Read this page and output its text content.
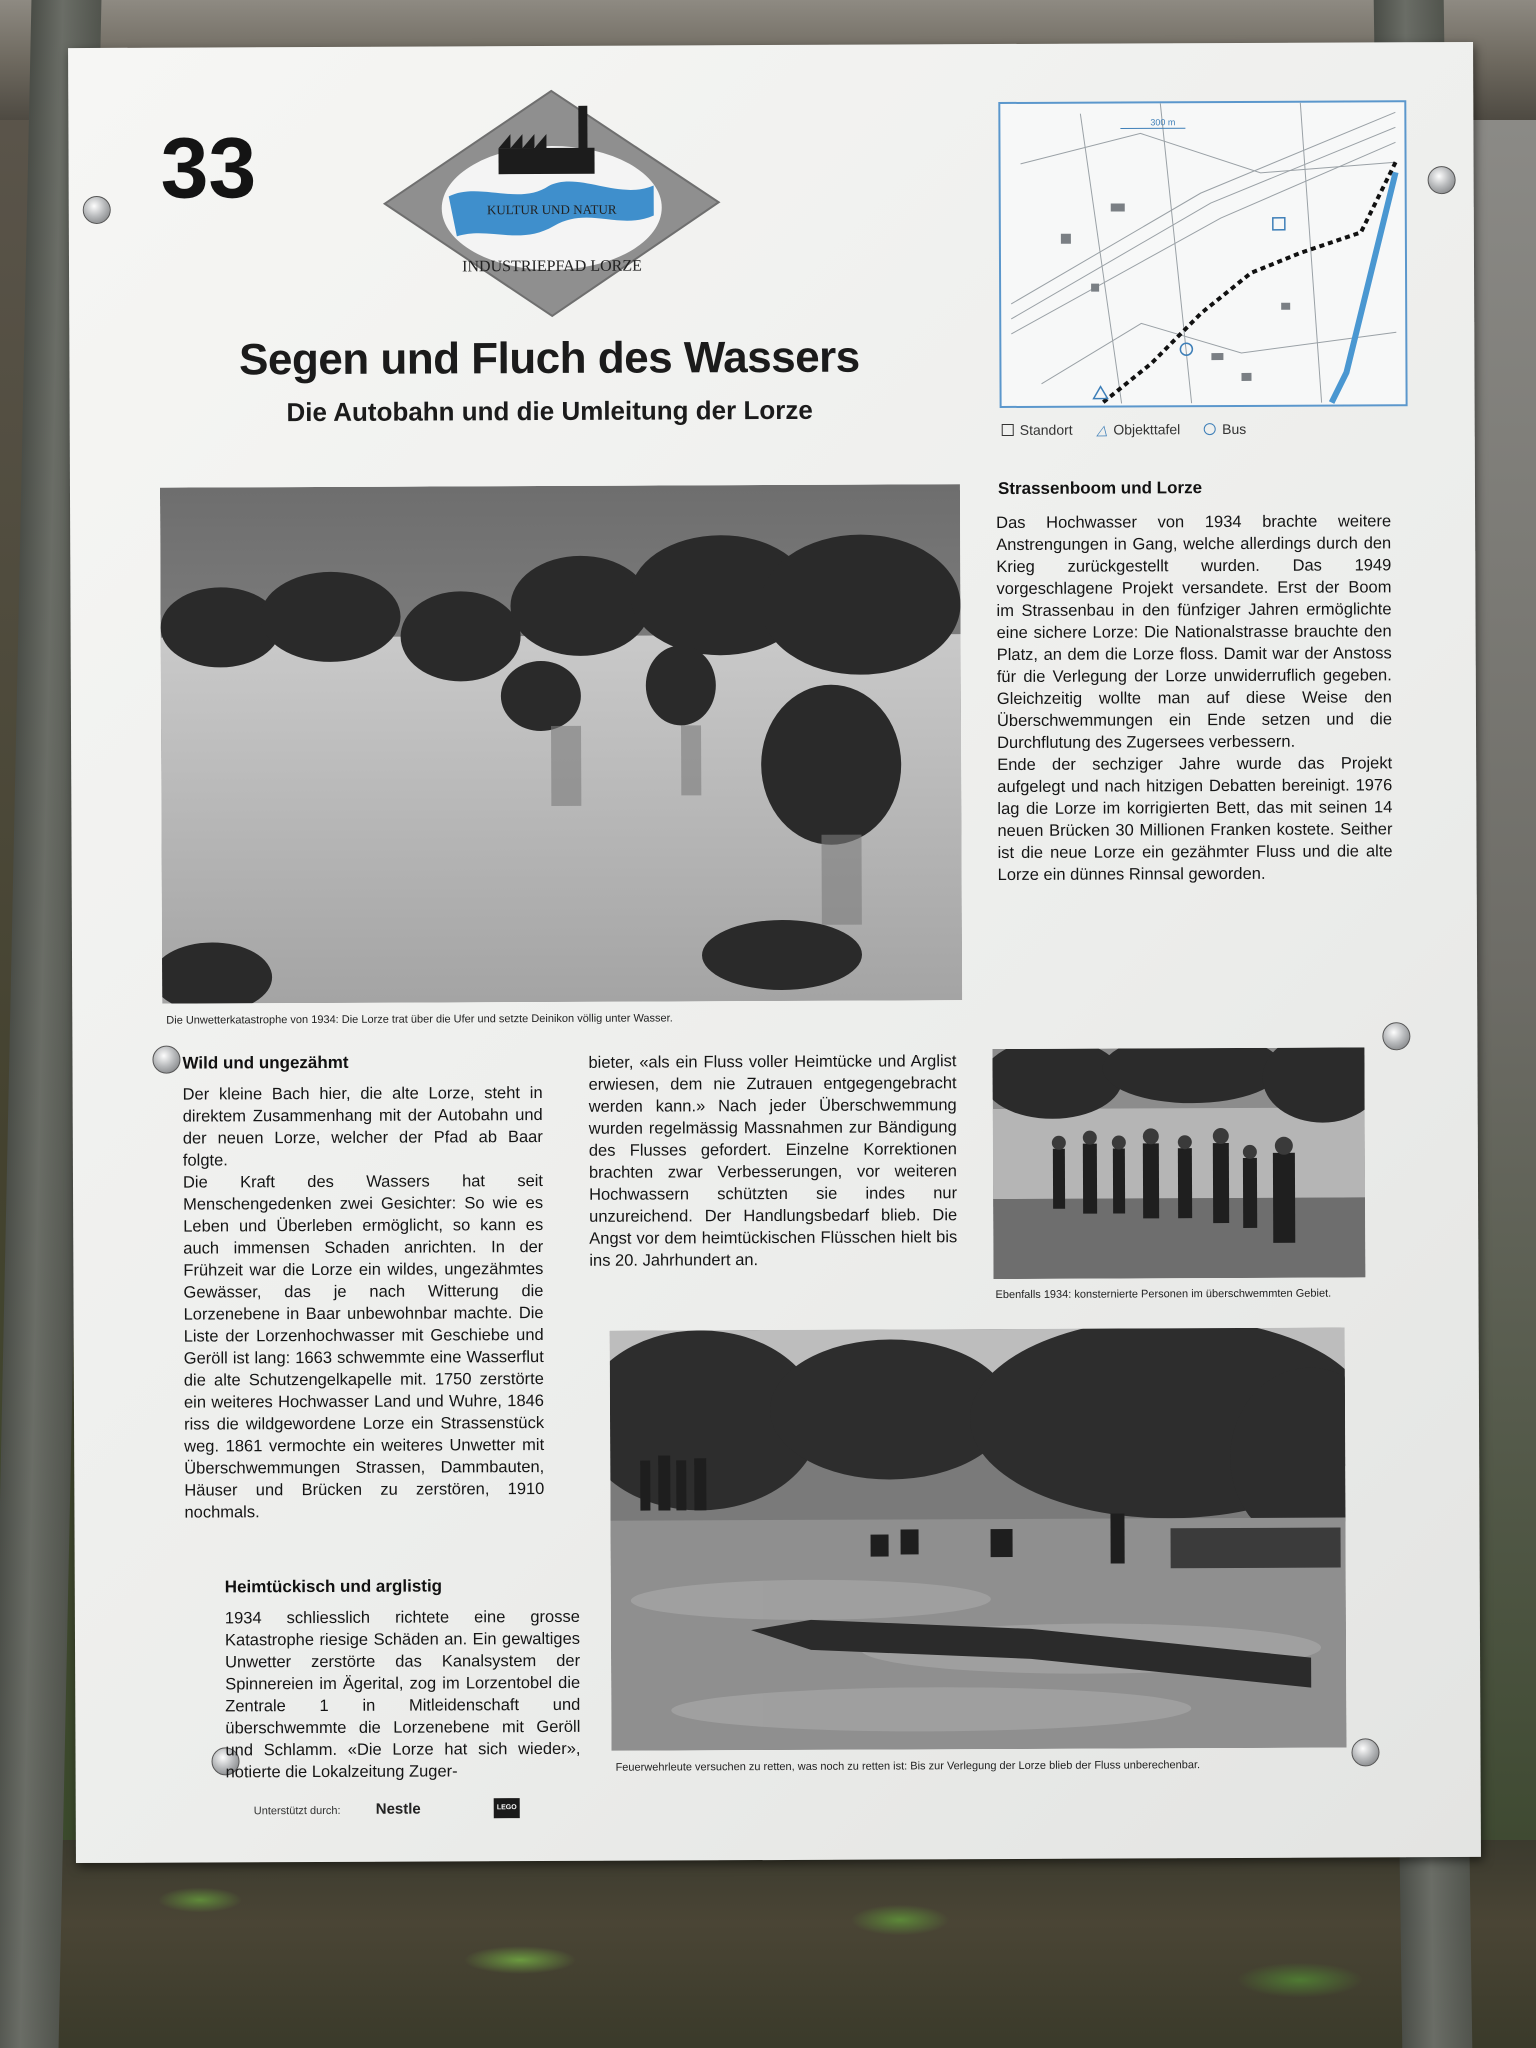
33	KULTUR UND NATUR
INDUSTRIEPFAD LORZE
Segen und Fluch des Wassers
Die Autobahn und die Umleitung der Lorze
300 m
Standort △ Objekttafel	Bus
Die Unwetterkatastrophe von 1934: Die Lorze trat über die Ufer und setzte Deinikon völlig unter Wasser.
Strassenboom und Lorze
Das Hochwasser von 1934 brachte weitere Anstrengungen in Gang, welche allerdings durch den Krieg zurückgestellt wurden. Das 1949 vorgeschlagene Projekt versandete. Erst der Boom im Strassenbau in den fünfziger Jahren ermöglichte eine sichere Lorze: Die Nationalstrasse brauchte den Platz, an dem die Lorze floss. Damit war der Anstoss für die Verlegung der Lorze unwiderruflich gegeben. Gleichzeitig wollte man auf diese Weise den Überschwemmungen ein Ende setzen und die Durchflutung des Zugersees verbessern.
Ende der sechziger Jahre wurde das Projekt aufgelegt und nach hitzigen Debatten bereinigt. 1976 lag die Lorze im korrigierten Bett, das mit seinen 14 neuen Brücken 30 Millionen Franken kostete. Seither ist die neue Lorze ein gezähmter Fluss und die alte Lorze ein dünnes Rinnsal geworden.
Wild und ungezähmt
Der kleine Bach hier, die alte Lorze, steht in direktem Zusammenhang mit der Autobahn und der neuen Lorze, welcher der Pfad ab Baar folgte.
Die Kraft des Wassers hat seit Menschengedenken zwei Gesichter: So wie es Leben und Überleben ermöglicht, so kann es auch immensen Schaden anrichten. In der Frühzeit war die Lorze ein wildes, ungezähmtes Gewässer, das je nach Witterung die Lorzenebene in Baar unbewohnbar machte. Die Liste der Lorzenhochwasser mit Geschiebe und Geröll ist lang: 1663 schwemmte eine Wasserflut die alte Schutzengelkapelle mit. 1750 zerstörte ein weiteres Hochwasser Land und Wuhre, 1846 riss die wildgewordene Lorze ein Strassenstück weg. 1861 vermochte ein weiteres Unwetter mit Überschwemmungen Strassen, Dammbauten, Häuser und Brücken zu zerstören, 1910 nochmals.
bieter, «als ein Fluss voller Heimtücke und Arglist erwiesen, dem nie Zutrauen entgegengebracht werden kann.» Nach jeder Überschwemmung wurden regelmässig Massnahmen zur Bändigung des Flusses gefordert. Einzelne Korrektionen brachten zwar Verbesserungen, vor weiteren Hochwassern schützten sie indes nur unzureichend. Der Handlungsbedarf blieb. Die Angst vor dem heimtückischen Flüsschen hielt bis ins 20. Jahrhundert an.
Heimtückisch und arglistig
1934 schliesslich richtete eine grosse Katastrophe riesige Schäden an. Ein gewaltiges Unwetter zerstörte das Kanalsystem der Spinnereien im Ägerital, zog im Lorzentobel die Zentrale 1 in Mitleidenschaft und überschwemmte die Lorzenebene mit Geröll und Schlamm. «Die Lorze hat sich wieder», notierte die Lokalzeitung Zuger-
Ebenfalls 1934: konsternierte Personen im überschwemmten Gebiet.
Feuerwehrleute versuchen zu retten, was noch zu retten ist: Bis zur Verlegung der Lorze blieb der Fluss unberechenbar.
Unterstützt durch: Nestle	LEGO
